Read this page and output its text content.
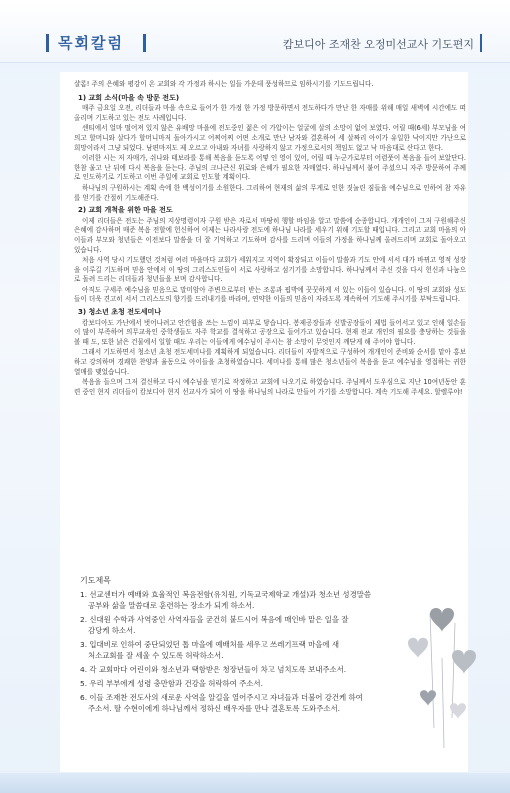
목회칼럼	캄보디아 조재찬 오정미선교사 기도편지

샬롬! 주의 은혜와 평강이 온 교회와 각 가정과 하시는 일들 가운데 풍성하므로 임하시기를 기도드립니다.

1) 교회 소식(마을 속 방문 전도)

매주 금요일 오전, 리더들과 마을 속으로 들어가 한 가정 한 가정 방문하면서 전도하다가 만난 한 자매를 위해 매일 새벽에 시간에도 떠올리며 기도하고 있는 전도 사례입니다.

센티에서 얼마 떨어져 있지 않은 유배망 마을에 전도중인 젊은 이 가압이는 얼굴에 살의 소망이 없어 보였다. 어릴 때(6세) 부모님을 여의고 할머니와 살다가 할머니마저 돌아가시고 어찌어찌 어떤 소개로 만난 남자와 결혼하여 세 살짜리 아이가 유일한 낙이지만 가난으로 희망이라서 그냥 되었다. 남편마저도 제 오르고 아내와 자녀를 사랑하지 않고 가정으로서의 책임도 없고 낙 마음대로 산다고 한다.

이러한 시는 저 자매가, 쉬나와 태보라를 통해 복음을 듣도록 어떻 인 영이 있어, 어릴 때 누군가로부터 어렴풋이 복음을 들어 보았단다. 한참 울고 난 뒤에 다시 복음을 듣는다. 주님의 크나큰신 위로와 은혜가 필요한 자매였다. 하나님께서 붙어 주셨으니 자주 방문하여 주께로 인도하기로 기도하고 이번 주일에 교회로 인도할 계획이다.

하나님의 구원하시는 계획 속에 한 백성이기를 소원한다. 그리하여 현재의 삶의 무게로 인한 짓눌린 짐들을 예수님으로 인하여 참 자유를 얻기를 간절히 기도해준다.

2) 교회 개척을 위한 마을 전도

이제 리더들은 전도는 주님의 지상명령이자 구원 받은 자로서 마땅히 행할 바임을 알고 말씀에 순종합니다. 개개인이 그저 구원해주신 은혜에 감사하며 매준 복음 전할에 헌신하여 이제는 나라사랑 전도에 하나님 나라를 세우기 위해 기도할 때입니다. 그리고 교회 마을의 아이들과 부모와 청년들은 이전보다 말씀을 더 잘 기억하고 기도하며 감사를 드리며 이들의 가정을 하나님께 올려드리며 교회로 돌아오고 있습니다.

처음 사역 당시 기도했던 것처럼 여러 마을마다 교회가 세워지고 지역이 확장되고 이들이 말씀과 기도 안에 서서 대가 바뀌고 영적 성장을 이루길 기도하며 믿음 안에서 이 땅의 그리스도인들이 서로 사랑하고 섬기기를 소망합니다. 하나님께서 주신 것을 다시 헌신과 나눔으로 돌려 드리는 리더들과 청년들을 보며 감사합니다.

아직도 구세주 예수님을 믿음으로 말미암아 주변으로부터 받는 조롱과 핍박에 꿋꿋하게 서 있는 이들이 있습니다. 이 땅의 교회와 성도들이 더욱 견고히 서서 그리스도의 향기를 드러내기를 바라며, 연약한 이들의 믿음이 자라도록 계속하여 기도해 주시기를 부탁드립니다.

3) 청소년 초청 전도세미나

캄보디아도 가난에서 벗어나려고 안간힘을 쓰는 느낌이 피부로 닿습니다. 봉제공장들과 신발공장들이 제법 들어서고 있고 인해 일손들이 많이 부족하여 의무교육인 중학생들도 자주 학교를 결석하고 공장으로 들어가고 있습니다. 현재 전교 개인의 필요를 충당하는 것들을 볼 때 도, 또한 낡은 건물에서 일할 때도 우리는 이들에게 예수님이 주시는 참 소망이 무엇인지 깨닫게 해 주어야 합니다.

그래서 기도하면서 청소년 초청 전도세미나를 계획하게 되었습니다. 리더들이 자발적으로 구성하여 개개인이 준비와 순서를 맡아 홍보하고 강의하며 경쾌한 찬양과 율동으로 아이들을 초청하였습니다. 세미나를 통해 많은 청소년들이 복음을 듣고 예수님을 영접하는 귀한 열매를 맺었습니다.

복음을 들으며 그저 결신하고 다시 예수님을 믿기로 작정하고 교회에 나오기로 하였습니다. 주님께서 도우심으로 지난 10여년동안 훈련 중인 현지 리더들이 캄보디아 현지 선교사가 되어 이 땅을 하나님의 나라로 만들어 가기를 소망합니다. 계속 기도해 주세요. 할렐루야!

기도제목
1. 선교센터가 예배와 효율적인 복음전함(유치원, 기독교국제학교 개설)과 청소년 성경말씀
공부와 삶을 말씀대로 훈련하는 장소가 되게 하소서.
2. 신대원 수학과 사역중인 사역자들을 굳건히 붙드시어 복음에 매인바 맡은 일을 잘
감당케 하소서.
3. 입대비로 인하여 중단되었던 톱 마을에 예배처를 세우고 쓰레기프랙 마을에 새
처소교회를 잘 세울 수 있도록 허락하소서.
4. 각 교회마다 어린이와 청소년과 택함받은 청장년들이 차고 넘치도록 보내주소서.
5. 우리 부부에게 성령 충만함과 건강을 허락하여 주소서.
6. 이들 조재찬 전도사의 새로운 사역을 알길을 열어주시고 자녀들과 더불어 강건케 하여
주소서. 딸 수현이에게 하나님께서 정하신 배우자를 만나 결혼토록 도와주소서.
